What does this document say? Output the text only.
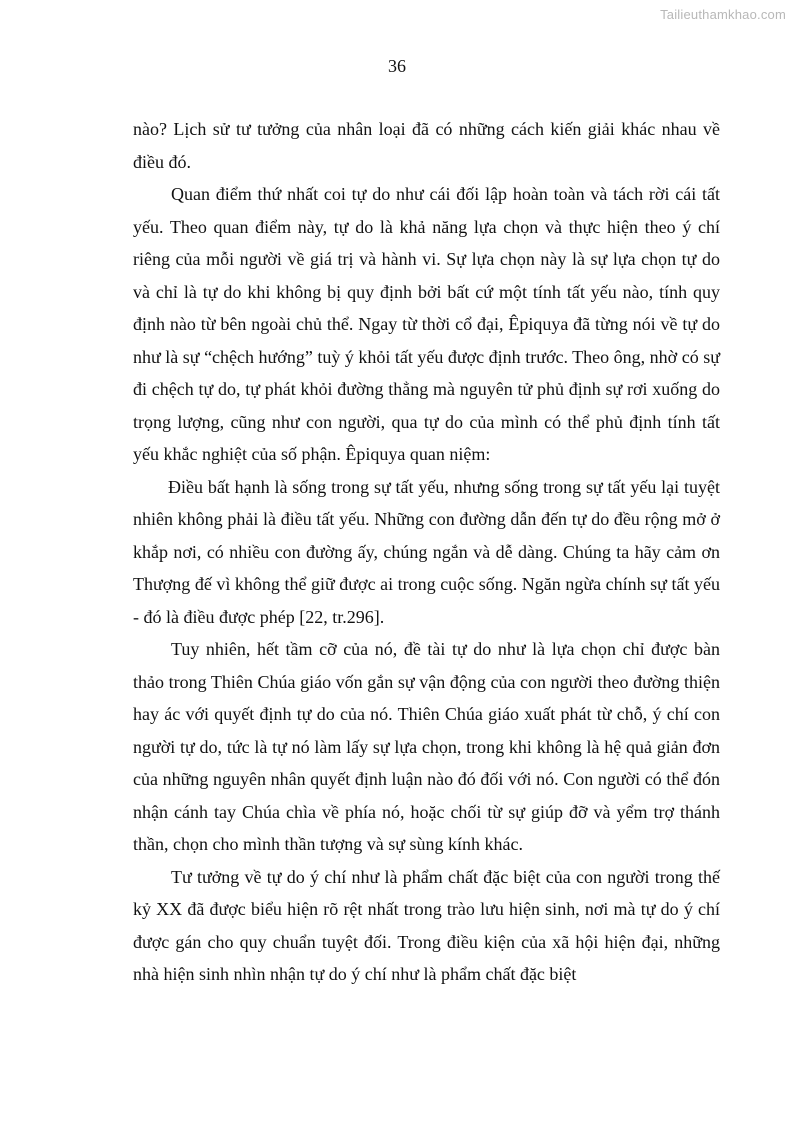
Tailieuthamkhao.com
36

nào? Lịch sử tư tưởng của nhân loại đã có những cách kiến giải khác nhau về điều đó.

Quan điểm thứ nhất coi tự do như cái đối lập hoàn toàn và tách rời cái tất yếu. Theo quan điểm này, tự do là khả năng lựa chọn và thực hiện theo ý chí riêng của mỗi người về giá trị và hành vi. Sự lựa chọn này là sự lựa chọn tự do và chỉ là tự do khi không bị quy định bởi bất cứ một tính tất yếu nào, tính quy định nào từ bên ngoài chủ thể. Ngay từ thời cổ đại, Êpiquya đã từng nói về tự do như là sự “chệch hướng” tuỳ ý khỏi tất yếu được định trước. Theo ông, nhờ có sự đi chệch tự do, tự phát khỏi đường thẳng mà nguyên tử phủ định sự rơi xuống do trọng lượng, cũng như con người, qua tự do của mình có thể phủ định tính tất yếu khắc nghiệt của số phận. Êpiquya quan niệm:

Điều bất hạnh là sống trong sự tất yếu, nhưng sống trong sự tất yếu lại tuyệt nhiên không phải là điều tất yếu. Những con đường dẫn đến tự do đều rộng mở ở khắp nơi, có nhiều con đường ấy, chúng ngắn và dễ dàng. Chúng ta hãy cảm ơn Thượng đế vì không thể giữ được ai trong cuộc sống. Ngăn ngừa chính sự tất yếu - đó là điều được phép [22, tr.296].

Tuy nhiên, hết tầm cỡ của nó, đề tài tự do như là lựa chọn chỉ được bàn thảo trong Thiên Chúa giáo vốn gắn sự vận động của con người theo đường thiện hay ác với quyết định tự do của nó. Thiên Chúa giáo xuất phát từ chỗ, ý chí con người tự do, tức là tự nó làm lấy sự lựa chọn, trong khi không là hệ quả giản đơn của những nguyên nhân quyết định luận nào đó đối với nó. Con người có thể đón nhận cánh tay Chúa chìa về phía nó, hoặc chối từ sự giúp đỡ và yểm trợ thánh thần, chọn cho mình thần tượng và sự sùng kính khác.

Tư tưởng về tự do ý chí như là phẩm chất đặc biệt của con người trong thế kỷ XX đã được biểu hiện rõ rệt nhất trong trào lưu hiện sinh, nơi mà tự do ý chí được gán cho quy chuẩn tuyệt đối. Trong điều kiện của xã hội hiện đại, những nhà hiện sinh nhìn nhận tự do ý chí như là phẩm chất đặc biệt
